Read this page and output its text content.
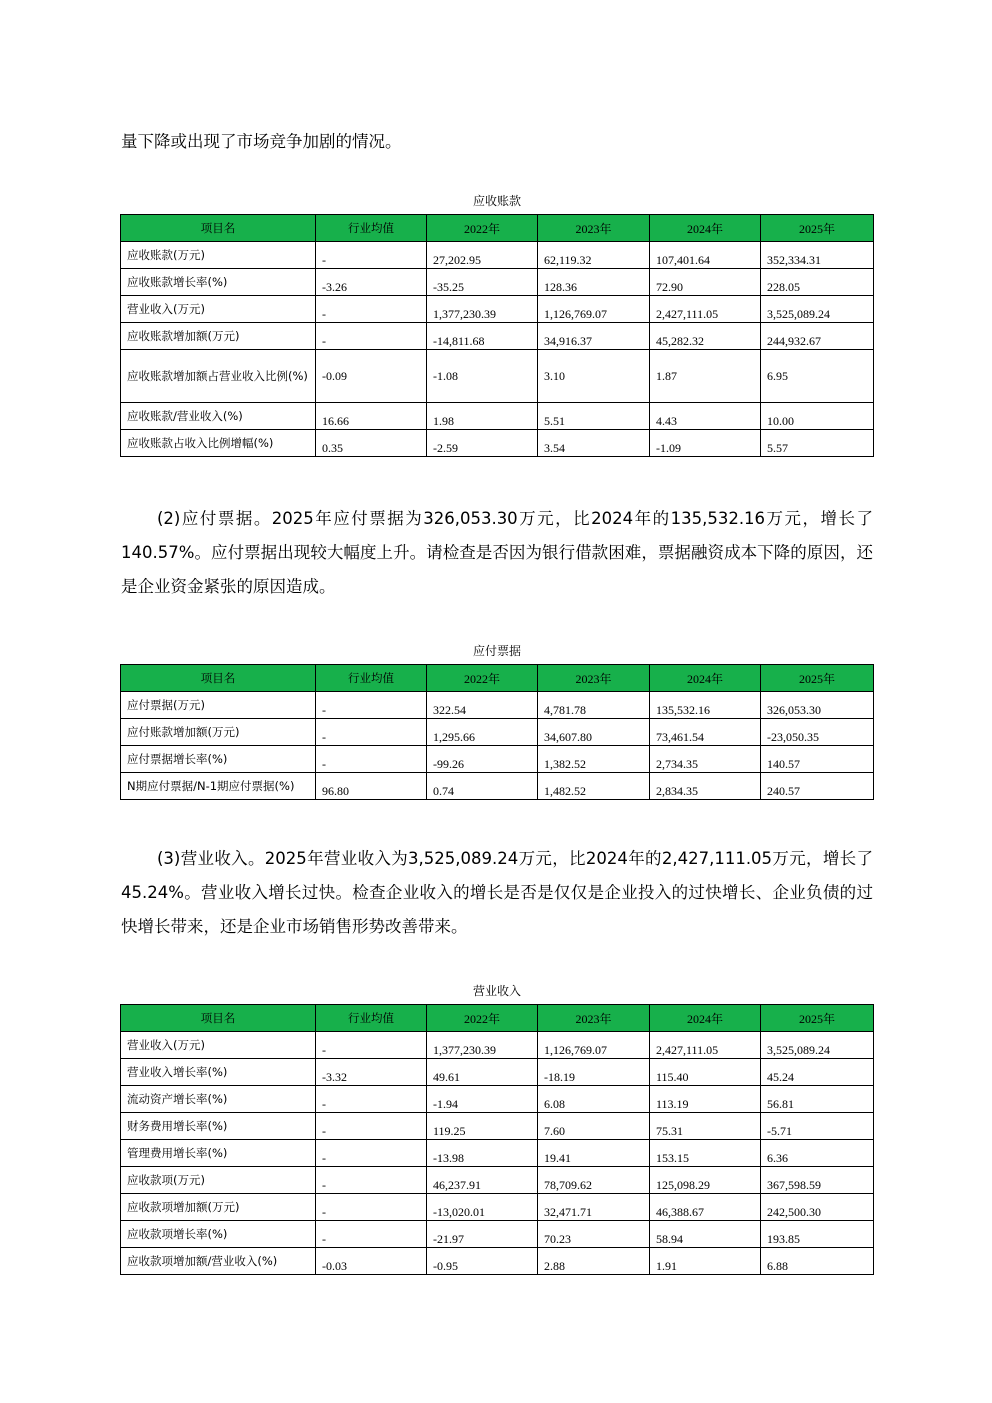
量下降或出现了市场竞争加剧的情况。

应收账款
项目名	行业均值	2022年	2023年	2024年	2025年
应收账款(万元)	-	27,202.95	62,119.32	107,401.64	352,334.31
应收账款增长率(%)	-3.26	-35.25	128.36	72.90	228.05
营业收入(万元)	-	1,377,230.39	1,126,769.07	2,427,111.05	3,525,089.24
应收账款增加额(万元)	-	-14,811.68	34,916.37	45,282.32	244,932.67
应收账款增加额占营业收入比例(%)	-0.09	-1.08	3.10	1.87	6.95
应收账款/营业收入(%)	16.66	1.98	5.51	4.43	10.00
应收账款占收入比例增幅(%)	0.35	-2.59	3.54	-1.09	5.57

(2)应付票据。2025年应付票据为326,053.30万元，比2024年的135,532.16万元，增长了140.57%。应付票据出现较大幅度上升。请检查是否因为银行借款困难，票据融资成本下降的原因，还是企业资金紧张的原因造成。

应付票据
项目名	行业均值	2022年	2023年	2024年	2025年
应付票据(万元)	-	322.54	4,781.78	135,532.16	326,053.30
应付账款增加额(万元)	-	1,295.66	34,607.80	73,461.54	-23,050.35
应付票据增长率(%)	-	-99.26	1,382.52	2,734.35	140.57
N期应付票据/N-1期应付票据(%)	96.80	0.74	1,482.52	2,834.35	240.57

(3)营业收入。2025年营业收入为3,525,089.24万元，比2024年的2,427,111.05万元，增长了45.24%。营业收入增长过快。检查企业收入的增长是否是仅仅是企业投入的过快增长、企业负债的过快增长带来，还是企业市场销售形势改善带来。

营业收入
项目名	行业均值	2022年	2023年	2024年	2025年
营业收入(万元)	-	1,377,230.39	1,126,769.07	2,427,111.05	3,525,089.24
营业收入增长率(%)	-3.32	49.61	-18.19	115.40	45.24
流动资产增长率(%)	-	-1.94	6.08	113.19	56.81
财务费用增长率(%)	-	119.25	7.60	75.31	-5.71
管理费用增长率(%)	-	-13.98	19.41	153.15	6.36
应收款项(万元)	-	46,237.91	78,709.62	125,098.29	367,598.59
应收款项增加额(万元)	-	-13,020.01	32,471.71	46,388.67	242,500.30
应收款项增长率(%)	-	-21.97	70.23	58.94	193.85
应收款项增加额/营业收入(%)	-0.03	-0.95	2.88	1.91	6.88
